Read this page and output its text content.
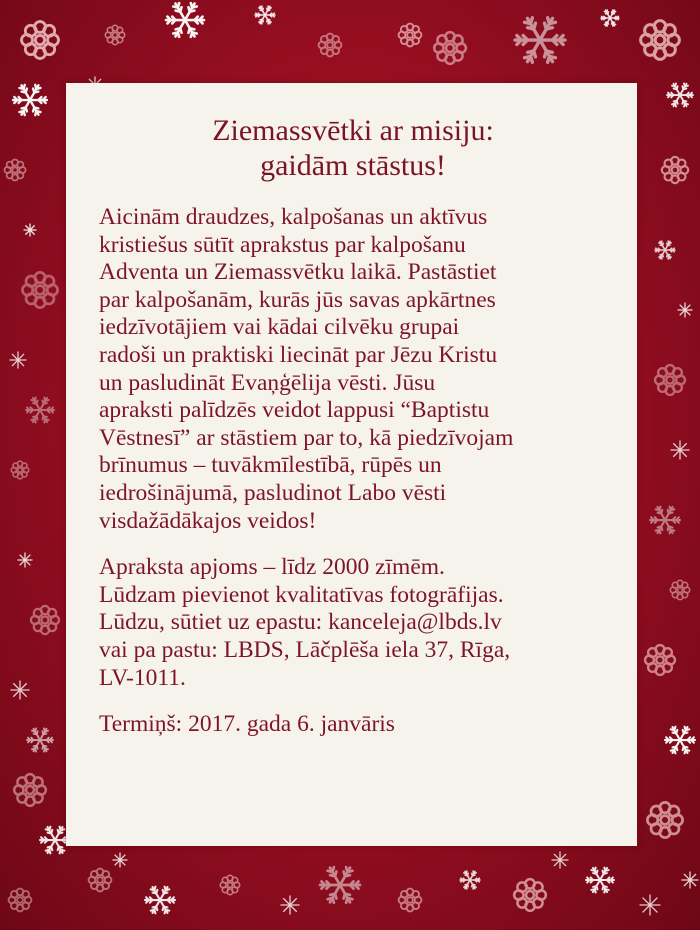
Ziemassvētki ar misiju:
gaidām stāstus!

Aicinām draudzes, kalpošanas un aktīvus
kristiešus sūtīt aprakstus par kalpošanu
Adventa un Ziemassvētku laikā. Pastāstiet
par kalpošanām, kurās jūs savas apkārtnes
iedzīvotājiem vai kādai cilvēku grupai
radoši un praktiski liecināt par Jēzu Kristu
un pasludināt Evaņģēlija vēsti. Jūsu
apraksti palīdzēs veidot lappusi “Baptistu
Vēstnesī” ar stāstiem par to, kā piedzīvojam
brīnumus – tuvākmīlestībā, rūpēs un
iedrošinājumā, pasludinot Labo vēsti
visdažādākajos veidos!

Apraksta apjoms – līdz 2000 zīmēm.
Lūdzam pievienot kvalitatīvas fotogrāfijas.
Lūdzu, sūtiet uz epastu: kanceleja@lbds.lv
vai pa pastu: LBDS, Lāčplēša iela 37, Rīga,
LV-1011.

Termiņš: 2017. gada 6. janvāris
